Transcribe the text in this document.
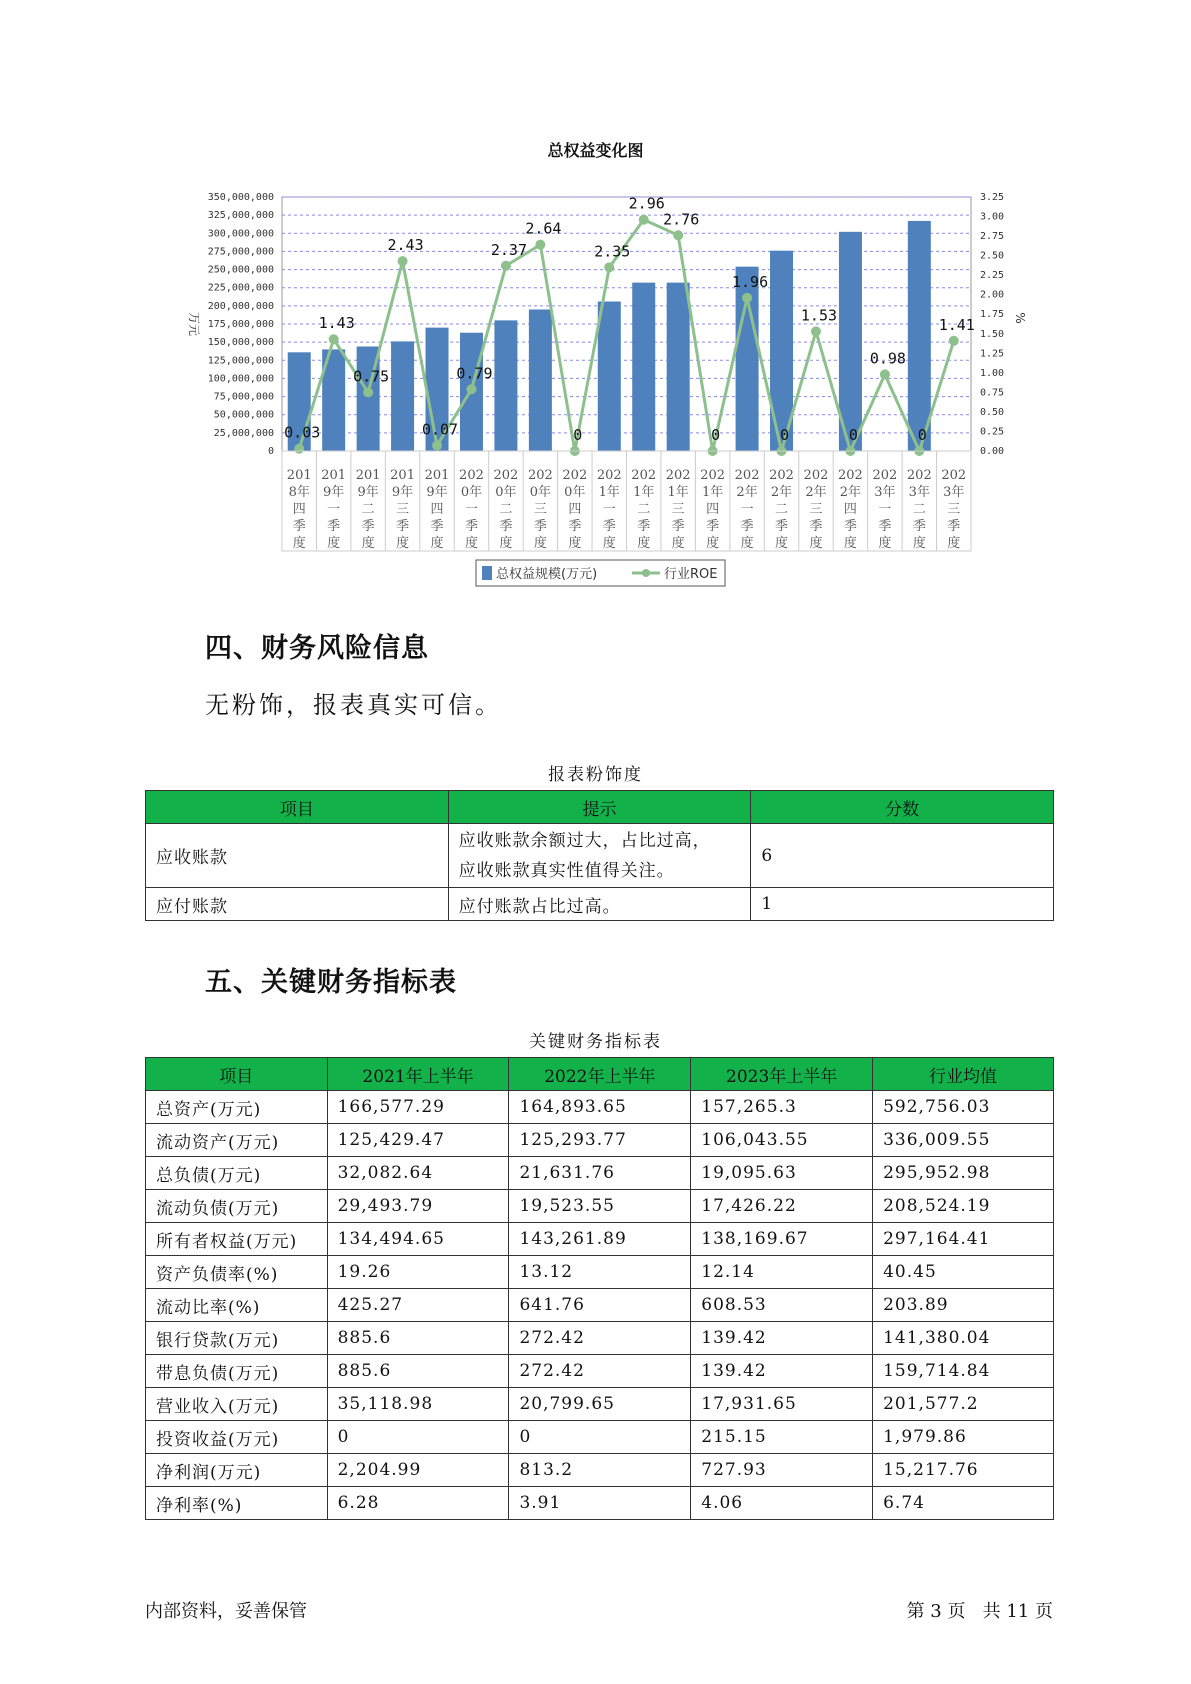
总权益变化图
0
25,000,000
50,000,000
75,000,000
100,000,000
125,000,000
150,000,000
175,000,000
200,000,000
225,000,000
250,000,000
275,000,000
300,000,000
325,000,000
350,000,000
0.00
0.25
0.50
0.75
1.00
1.25
1.50
1.75
2.00
2.25
2.50
2.75
3.00
3.25
万元	%
0.03
1.43
0.75
2.43
0.07
0.79
2.37
2.64
0
2.35
2.96
2.76
0
1.96
0
1.53
0
0.98
0
1.41
201
8年
四
季
度
201
9年
一
季
度
201
9年
二
季
度
201
9年
三
季
度
201
9年
四
季
度
202
0年
一
季
度
202
0年
二
季
度
202
0年
三
季
度
202
0年
四
季
度
202
1年
一
季
度
202
1年
二
季
度
202
1年
三
季
度
202
1年
四
季
度
202
2年
一
季
度
202
2年
二
季
度
202
2年
三
季
度
202
2年
四
季
度
202
3年
一
季
度
202
3年
二
季
度
202
3年
三
季
度
总权益规模(万元)	行业ROE
四、财务风险信息
无粉饰，报表真实可信。
报表粉饰度
项目	提示	分数
应收账款	应收账款余额过大，占比过高，
应收账款真实性值得关注。	6
应付账款	应付账款占比过高。	1
五、关键财务指标表
关键财务指标表
项目	2021年上半年	2022年上半年	2023年上半年	行业均值
总资产(万元)	166,577.29	164,893.65	157,265.3	592,756.03
流动资产(万元)	125,429.47	125,293.77	106,043.55	336,009.55
总负债(万元)	32,082.64	21,631.76	19,095.63	295,952.98
流动负债(万元)	29,493.79	19,523.55	17,426.22	208,524.19
所有者权益(万元)	134,494.65	143,261.89	138,169.67	297,164.41
资产负债率(%)	19.26	13.12	12.14	40.45
流动比率(%)	425.27	641.76	608.53	203.89
银行贷款(万元)	885.6	272.42	139.42	141,380.04
带息负债(万元)	885.6	272.42	139.42	159,714.84
营业收入(万元)	35,118.98	20,799.65	17,931.65	201,577.2
投资收益(万元)	0	0	215.15	1,979.86
净利润(万元)	2,204.99	813.2	727.93	15,217.76
净利率(%)	6.28	3.91	4.06	6.74
内部资料，妥善保管	第 3 页   共 11 页
